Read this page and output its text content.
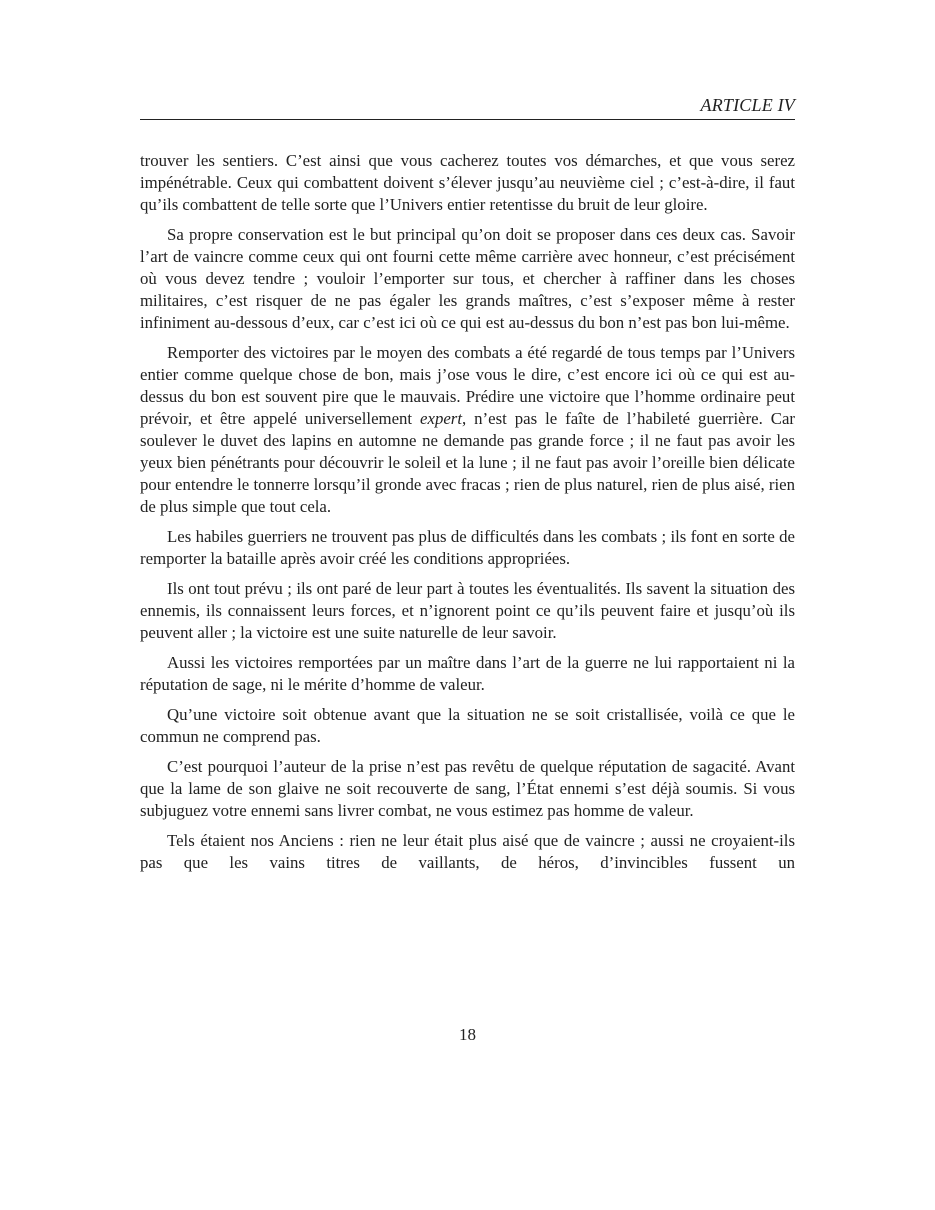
ARTICLE IV

trouver les sentiers. C’est ainsi que vous cacherez toutes vos démarches, et que vous serez impénétrable. Ceux qui combattent doivent s’élever jusqu’au neuvième ciel ; c’est-à-dire, il faut qu’ils combattent de telle sorte que l’Univers entier retentisse du bruit de leur gloire.

Sa propre conservation est le but principal qu’on doit se proposer dans ces deux cas. Savoir l’art de vaincre comme ceux qui ont fourni cette même carrière avec honneur, c’est précisément où vous devez tendre ; vouloir l’emporter sur tous, et chercher à raffiner dans les choses militaires, c’est risquer de ne pas égaler les grands maîtres, c’est s’exposer même à rester infiniment au-dessous d’eux, car c’est ici où ce qui est au-dessus du bon n’est pas bon lui-même.

Remporter des victoires par le moyen des combats a été regardé de tous temps par l’Univers entier comme quelque chose de bon, mais j’ose vous le dire, c’est encore ici où ce qui est au-dessus du bon est souvent pire que le mauvais. Prédire une victoire que l’homme ordinaire peut prévoir, et être appelé universellement expert, n’est pas le faîte de l’habileté guerrière. Car soulever le duvet des lapins en automne ne demande pas grande force ; il ne faut pas avoir les yeux bien pénétrants pour découvrir le soleil et la lune ; il ne faut pas avoir l’oreille bien délicate pour entendre le tonnerre lorsqu’il gronde avec fracas ; rien de plus naturel, rien de plus aisé, rien de plus simple que tout cela.

Les habiles guerriers ne trouvent pas plus de difficultés dans les combats ; ils font en sorte de remporter la bataille après avoir créé les conditions appropriées.

Ils ont tout prévu ; ils ont paré de leur part à toutes les éventualités. Ils savent la situation des ennemis, ils connaissent leurs forces, et n’ignorent point ce qu’ils peuvent faire et jusqu’où ils peuvent aller ; la victoire est une suite naturelle de leur savoir.

Aussi les victoires remportées par un maître dans l’art de la guerre ne lui rapportaient ni la réputation de sage, ni le mérite d’homme de valeur.

Qu’une victoire soit obtenue avant que la situation ne se soit cristallisée, voilà ce que le commun ne comprend pas.

C’est pourquoi l’auteur de la prise n’est pas revêtu de quelque réputation de sagacité. Avant que la lame de son glaive ne soit recouverte de sang, l’État ennemi s’est déjà soumis. Si vous subjuguez votre ennemi sans livrer combat, ne vous estimez pas homme de valeur.

Tels étaient nos Anciens : rien ne leur était plus aisé que de vaincre ; aussi ne croyaient-ils pas que les vains titres de vaillants, de héros, d’invincibles fussent un

18
